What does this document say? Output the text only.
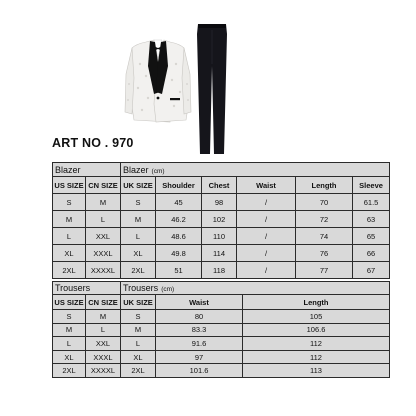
ART NO . 970
Blazer		Blazer (cm)					
US SIZE	CN SIZE	UK SIZE	Shoulder	Chest	Waist	Length	Sleeve
S	M	S	45	98	/	70	61.5
M	L	M	46.2	102	/	72	63
L	XXL	L	48.6	110	/	74	65
XL	XXXL	XL	49.8	114	/	76	66
2XL	XXXXL	2XL	51	118	/	77	67
Trousers		Trousers (cm)		
US SIZE	CN SIZE	UK SIZE	Waist	Length
S	M	S	80	105
M	L	M	83.3	106.6
L	XXL	L	91.6	112
XL	XXXL	XL	97	112
2XL	XXXXL	2XL	101.6	113
